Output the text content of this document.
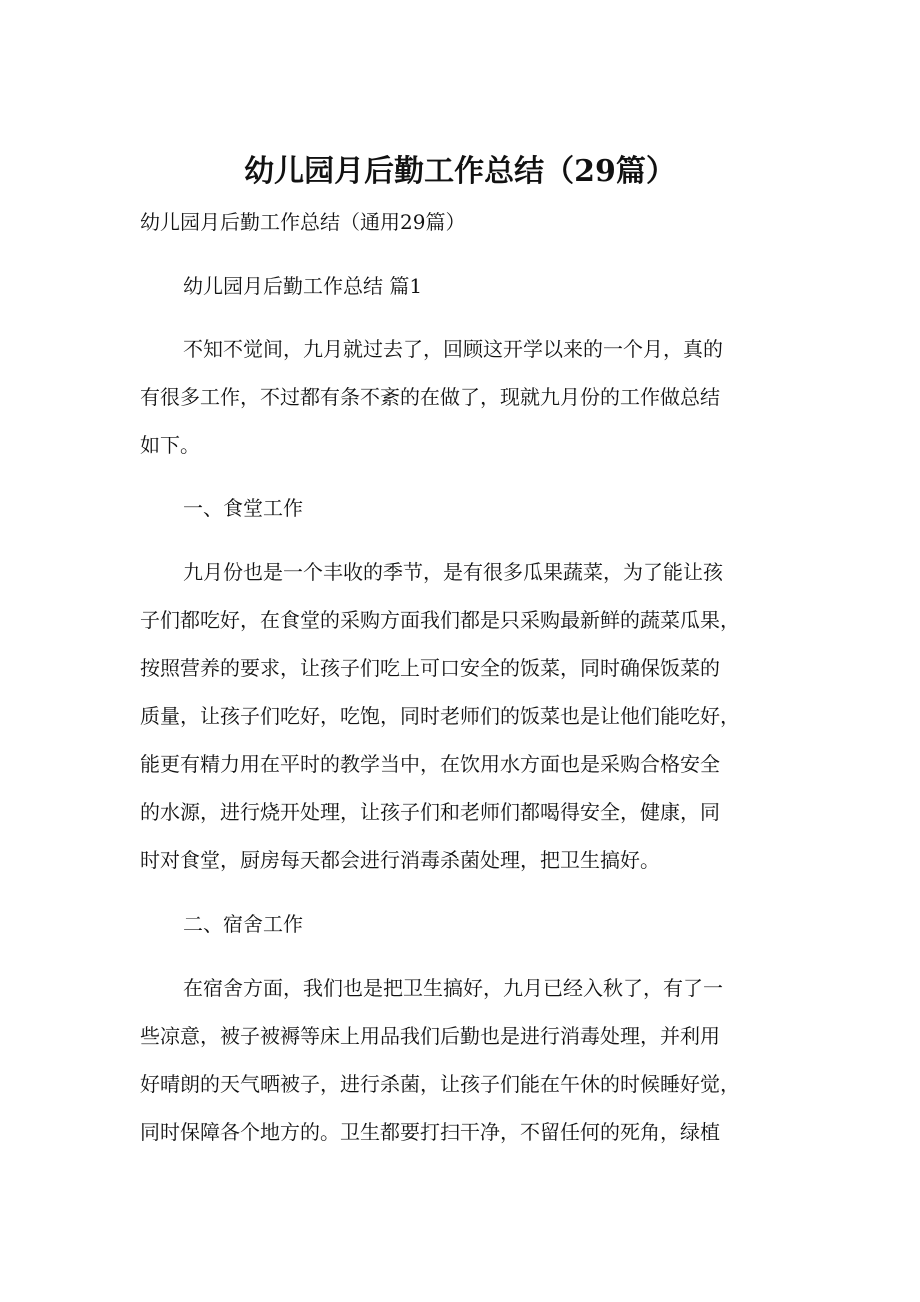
幼儿园月后勤工作总结（29篇）
幼儿园月后勤工作总结（通用29篇）
幼儿园月后勤工作总结 篇1
不知不觉间，九月就过去了，回顾这开学以来的一个月，真的
有很多工作，不过都有条不紊的在做了，现就九月份的工作做总结
如下。
一、食堂工作
九月份也是一个丰收的季节，是有很多瓜果蔬菜，为了能让孩
子们都吃好，在食堂的采购方面我们都是只采购最新鲜的蔬菜瓜果，
按照营养的要求，让孩子们吃上可口安全的饭菜，同时确保饭菜的
质量，让孩子们吃好，吃饱，同时老师们的饭菜也是让他们能吃好，
能更有精力用在平时的教学当中，在饮用水方面也是采购合格安全
的水源，进行烧开处理，让孩子们和老师们都喝得安全，健康，同
时对食堂，厨房每天都会进行消毒杀菌处理，把卫生搞好。
二、宿舍工作
在宿舍方面，我们也是把卫生搞好，九月已经入秋了，有了一
些凉意，被子被褥等床上用品我们后勤也是进行消毒处理，并利用
好晴朗的天气晒被子，进行杀菌，让孩子们能在午休的时候睡好觉，
同时保障各个地方的。卫生都要打扫干净，不留任何的死角，绿植
